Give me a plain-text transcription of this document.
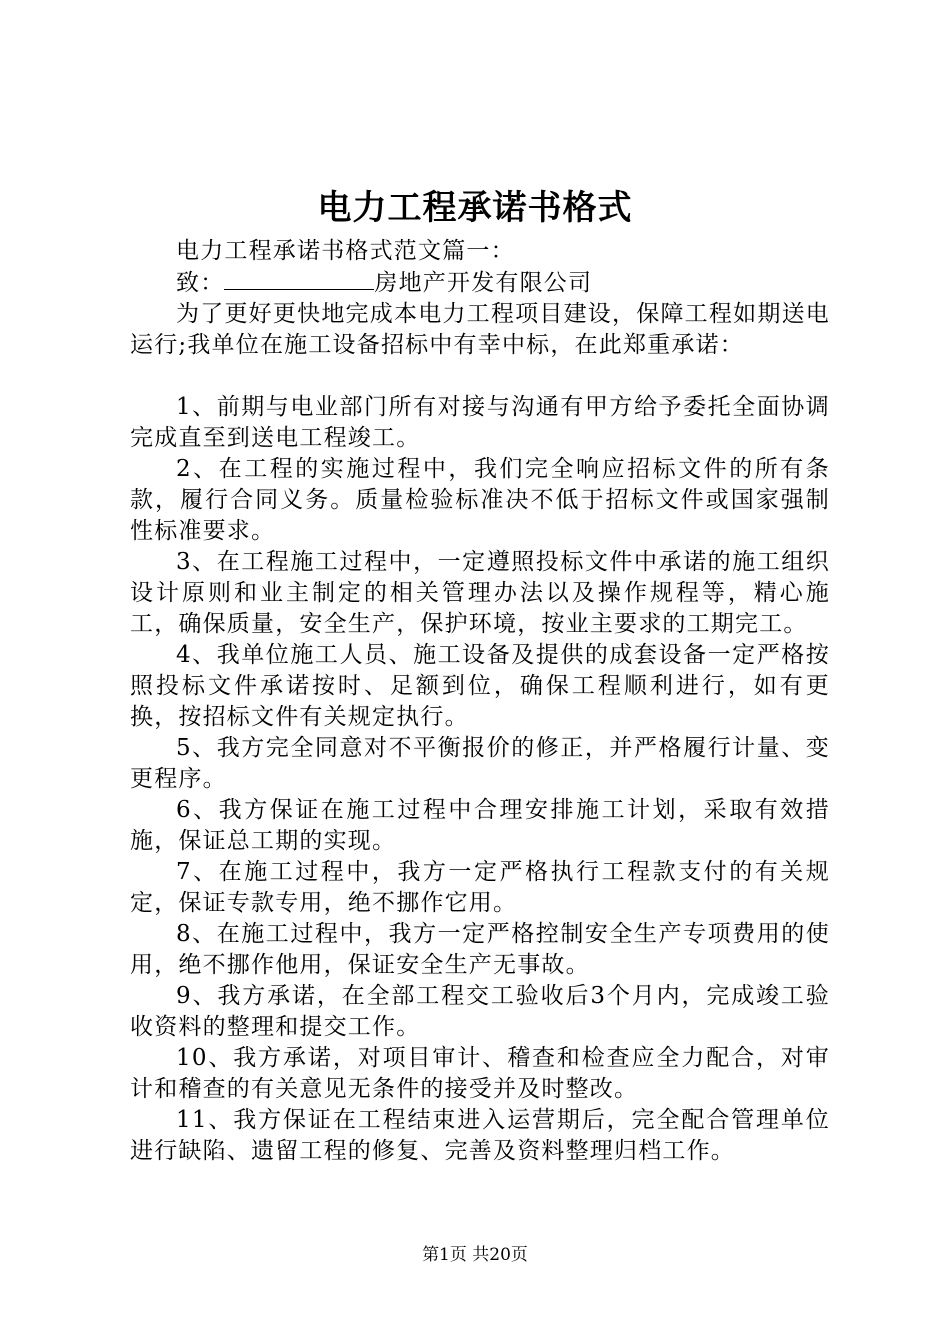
电力工程承诺书格式

电力工程承诺书格式范文篇一：

致：	房地产开发有限公司

为了更好更快地完成本电力工程项目建设，保障工程如期送电运行;我单位在施工设备招标中有幸中标，在此郑重承诺：

1、前期与电业部门所有对接与沟通有甲方给予委托全面协调完成直至到送电工程竣工。

2、在工程的实施过程中，我们完全响应招标文件的所有条款，履行合同义务。质量检验标准决不低于招标文件或国家强制性标准要求。

3、在工程施工过程中，一定遵照投标文件中承诺的施工组织设计原则和业主制定的相关管理办法以及操作规程等，精心施工，确保质量，安全生产，保护环境，按业主要求的工期完工。

4、我单位施工人员、施工设备及提供的成套设备一定严格按照投标文件承诺按时、足额到位，确保工程顺利进行，如有更换，按招标文件有关规定执行。

5、我方完全同意对不平衡报价的修正，并严格履行计量、变更程序。

6、我方保证在施工过程中合理安排施工计划，采取有效措施，保证总工期的实现。

7、在施工过程中，我方一定严格执行工程款支付的有关规定，保证专款专用，绝不挪作它用。

8、在施工过程中，我方一定严格控制安全生产专项费用的使用，绝不挪作他用，保证安全生产无事故。

9、我方承诺，在全部工程交工验收后3个月内，完成竣工验收资料的整理和提交工作。

10、我方承诺，对项目审计、稽查和检查应全力配合，对审计和稽查的有关意见无条件的接受并及时整改。

11、我方保证在工程结束进入运营期后，完全配合管理单位进行缺陷、遗留工程的修复、完善及资料整理归档工作。

第1页 共20页
